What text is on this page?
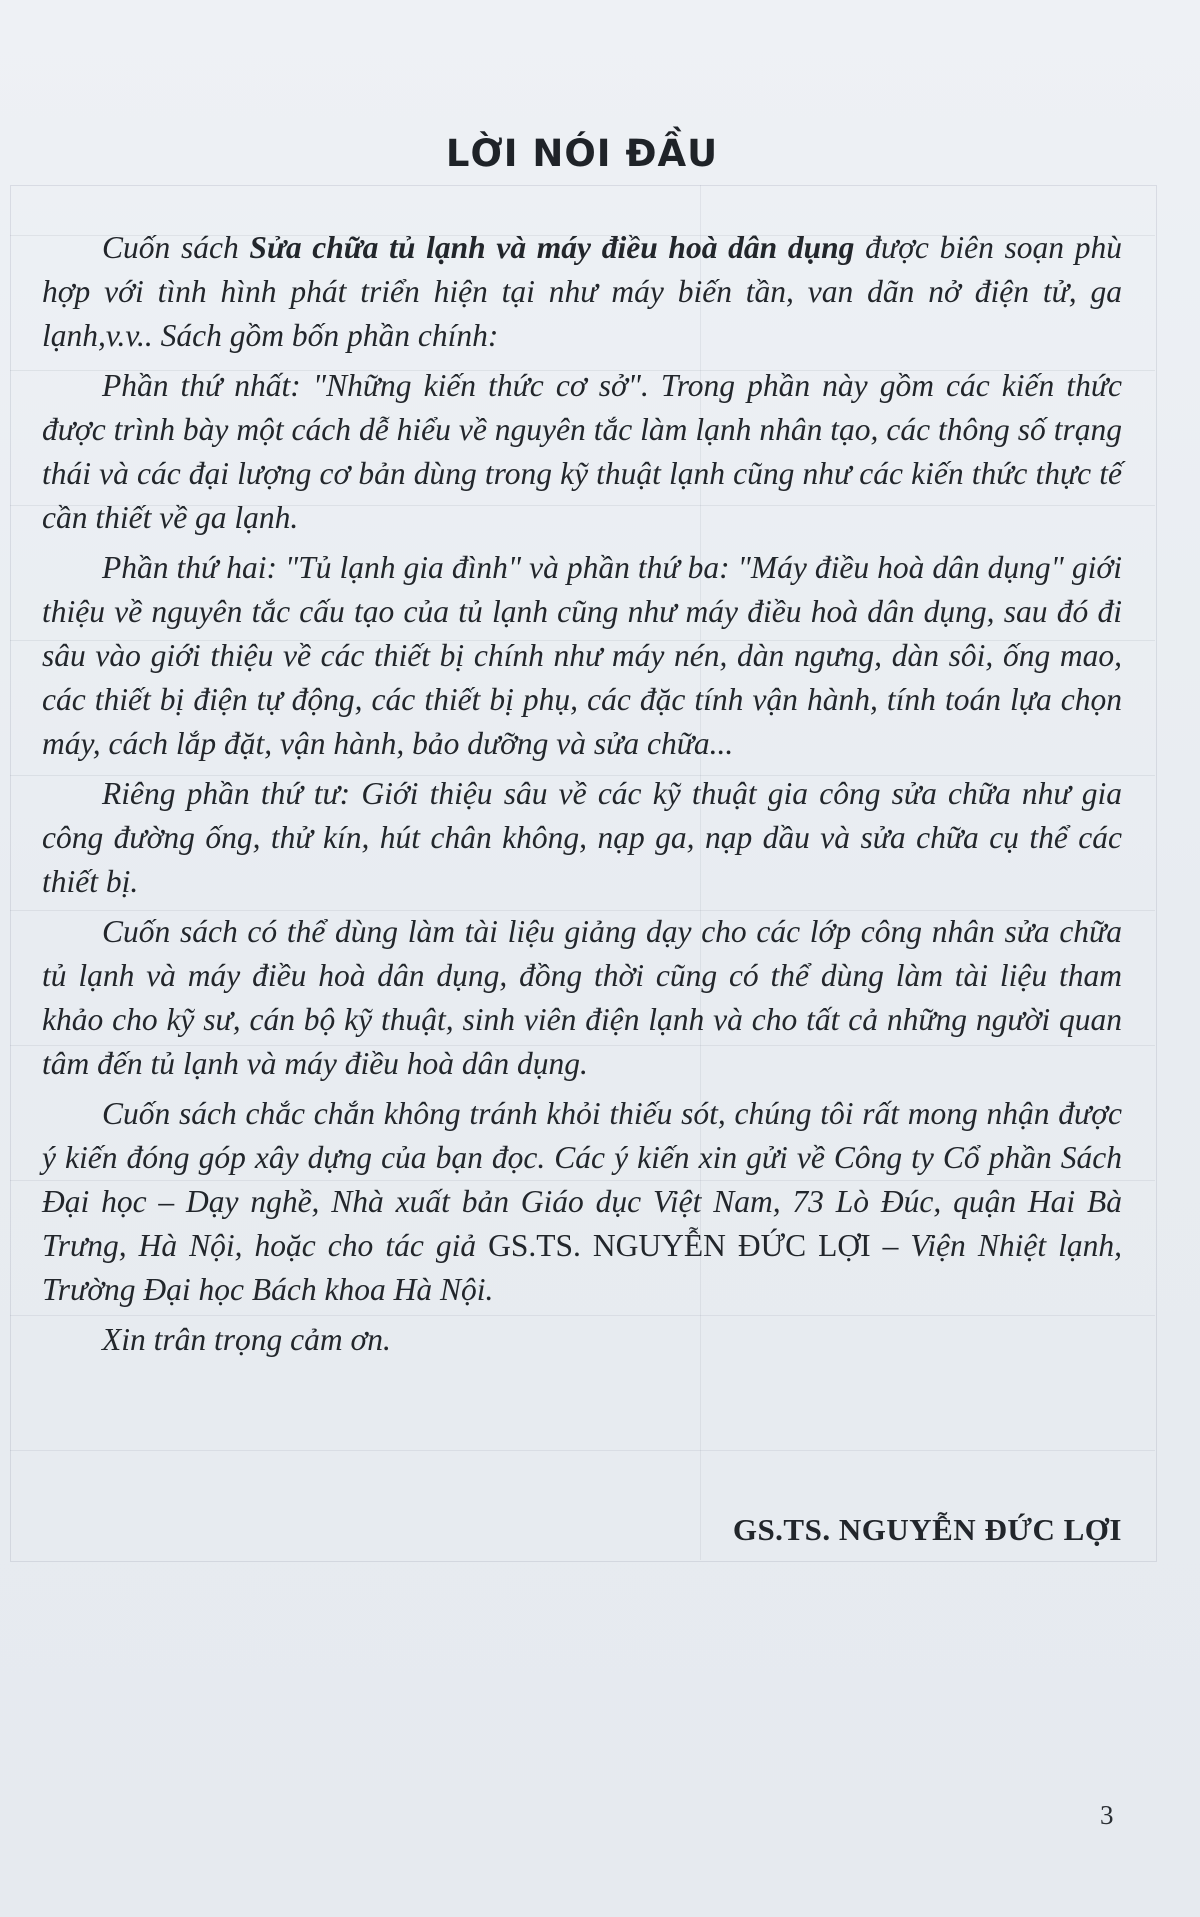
LỜI NÓI ĐẦU

Cuốn sách Sửa chữa tủ lạnh và máy điều hoà dân dụng được biên soạn phù hợp với tình hình phát triển hiện tại như máy biến tần, van dãn nở điện tử, ga lạnh,v.v.. Sách gồm bốn phần chính:

Phần thứ nhất: "Những kiến thức cơ sở". Trong phần này gồm các kiến thức được trình bày một cách dễ hiểu về nguyên tắc làm lạnh nhân tạo, các thông số trạng thái và các đại lượng cơ bản dùng trong kỹ thuật lạnh cũng như các kiến thức thực tế cần thiết về ga lạnh.

Phần thứ hai: "Tủ lạnh gia đình" và phần thứ ba: "Máy điều hoà dân dụng" giới thiệu về nguyên tắc cấu tạo của tủ lạnh cũng như máy điều hoà dân dụng, sau đó đi sâu vào giới thiệu về các thiết bị chính như máy nén, dàn ngưng, dàn sôi, ống mao, các thiết bị điện tự động, các thiết bị phụ, các đặc tính vận hành, tính toán lựa chọn máy, cách lắp đặt, vận hành, bảo dưỡng và sửa chữa...

Riêng phần thứ tư: Giới thiệu sâu về các kỹ thuật gia công sửa chữa như gia công đường ống, thử kín, hút chân không, nạp ga, nạp dầu và sửa chữa cụ thể các thiết bị.

Cuốn sách có thể dùng làm tài liệu giảng dạy cho các lớp công nhân sửa chữa tủ lạnh và máy điều hoà dân dụng, đồng thời cũng có thể dùng làm tài liệu tham khảo cho kỹ sư, cán bộ kỹ thuật, sinh viên điện lạnh và cho tất cả những người quan tâm đến tủ lạnh và máy điều hoà dân dụng.

Cuốn sách chắc chắn không tránh khỏi thiếu sót, chúng tôi rất mong nhận được ý kiến đóng góp xây dựng của bạn đọc. Các ý kiến xin gửi về Công ty Cổ phần Sách Đại học – Dạy nghề, Nhà xuất bản Giáo dục Việt Nam, 73 Lò Đúc, quận Hai Bà Trưng, Hà Nội, hoặc cho tác giả GS.TS. NGUYỄN ĐỨC LỢI – Viện Nhiệt lạnh, Trường Đại học Bách khoa Hà Nội.

Xin trân trọng cảm ơn.

GS.TS. NGUYỄN ĐỨC LỢI
3
